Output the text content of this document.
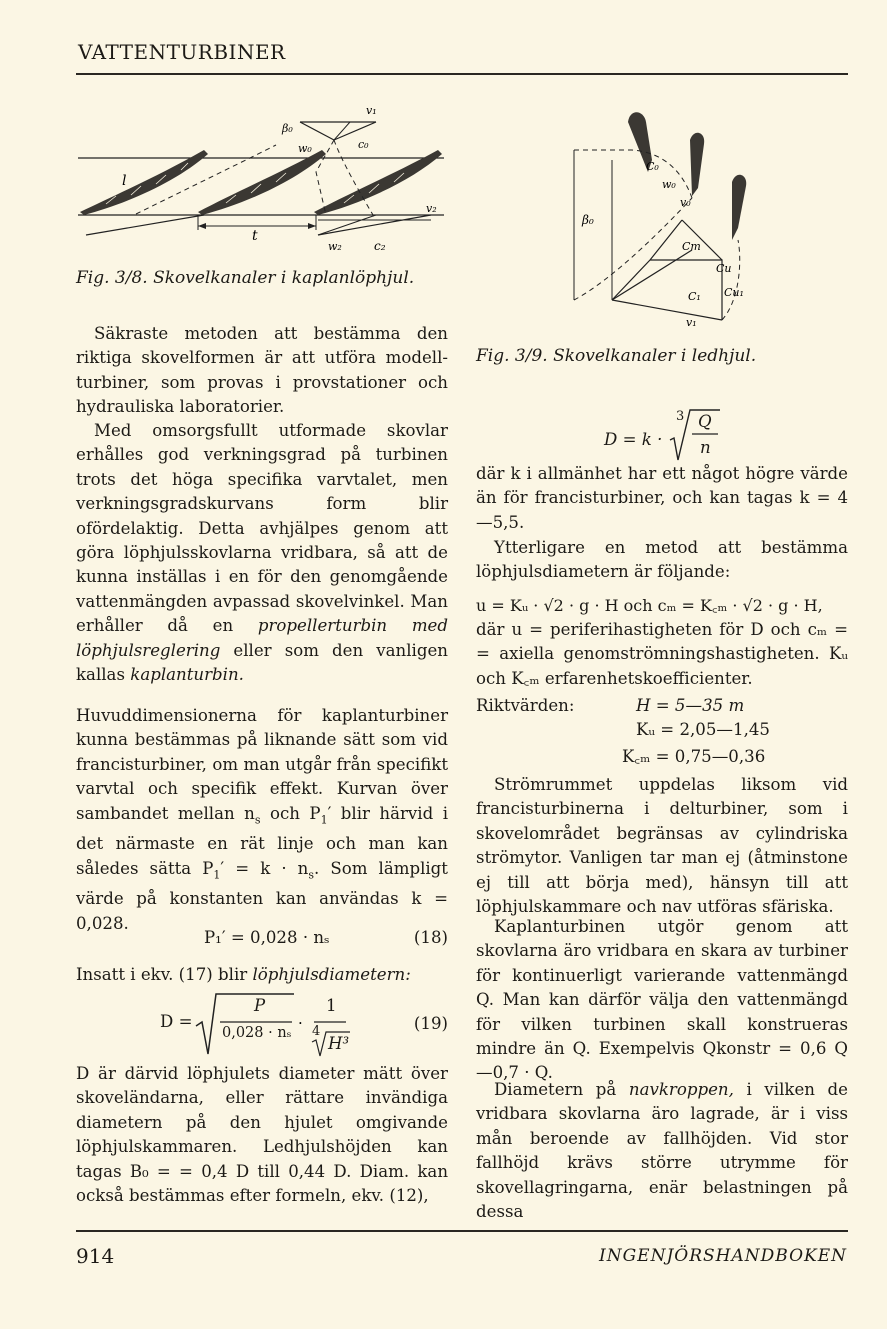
VATTENTURBINER
l
t
β₀
v₁
w₀	c₀
v₂
w₂	c₂
Fig. 3/8. Skovelkanaler i kaplanlöphjul.
Säkraste metoden att bestämma den riktiga skovelformen är att utföra modell-turbiner, som provas i provstationer och hydrauliska laboratorier.
Med omsorgsfullt utformade skovlar erhålles god verkningsgrad på turbinen trots det höga specifika varvtalet, men verkningsgradskurvans form blir ofördelaktig. Detta avhjälpes genom att göra löphjulsskovlarna vridbara, så att de kunna inställas i en för den genomgående vattenmängden avpassad skovelvinkel. Man erhåller då en propellerturbin med löphjulsreglering eller som den vanligen kallas kaplanturbin.
Huvuddimensionerna för kaplanturbiner kunna bestämmas på liknande sätt som vid francisturbiner, om man utgår från specifikt varvtal och specifik effekt. Kurvan över sambandet mellan $n_s$ och $P_1'$ blir härvid i det närmaste en rät linje och man kan således sätta $P_1' = k \cdot n_s$. Som lämpligt värde på konstanten kan användas k = 0,028.
P₁′ = 0,028 · nₛ	(18)
Insatt i ekv. (17) blir löphjulsdiametern:
D =	·
P
0,028 · nₛ
1
4
H³
(19)
D är därvid löphjulets diameter mätt över skoveländarna, eller rättare invändiga diametern på den hjulet omgivande löphjulskammaren. Ledhjulshöjden kan tagas B₀ = = 0,4 D till 0,44 D. Diam. kan också bestämmas efter formeln, ekv. (12),
β₀
C₀
w₀
v₀
Cm
Cu
C₁ Cu₁
v₁
Fig. 3/9. Skovelkanaler i ledhjul.
D = k ·
3 Q
n
där k i allmänhet har ett något högre värde än för francisturbiner, och kan tagas k = 4—5,5.
Ytterligare en metod att bestämma löphjulsdiametern är följande:
u = Kᵤ · √2 · g · H och cₘ = K꜀ₘ · √2 · g · H,
där u = periferihastigheten för D och cₘ = = axiella genomströmningshastigheten. Kᵤ och K꜀ₘ erfarenhetskoefficienter.
Riktvärden:	H = 5—35 m
Kᵤ = 2,05—1,45
K꜀ₘ = 0,75—0,36
Strömrummet uppdelas liksom vid francisturbinerna i delturbiner, som i skovelområdet begränsas av cylindriska strömytor. Vanligen tar man ej (åtminstone ej till att börja med), hänsyn till att löphjulskammare och nav utföras sfäriska.
Kaplanturbinen utgör genom att skovlarna äro vridbara en skara av turbiner för kontinuerligt varierande vattenmängd Q. Man kan därför välja den vattenmängd för vilken turbinen skall konstrueras mindre än Q. Exempelvis Qkonstr = 0,6 Q —0,7 · Q.
Diametern på navkroppen, i vilken de vridbara skovlarna äro lagrade, är i viss mån beroende av fallhöjden. Vid stor fallhöjd krävs större utrymme för skovellagringarna, enär belastningen på dessa
914	INGENJÖRSHANDBOKEN
